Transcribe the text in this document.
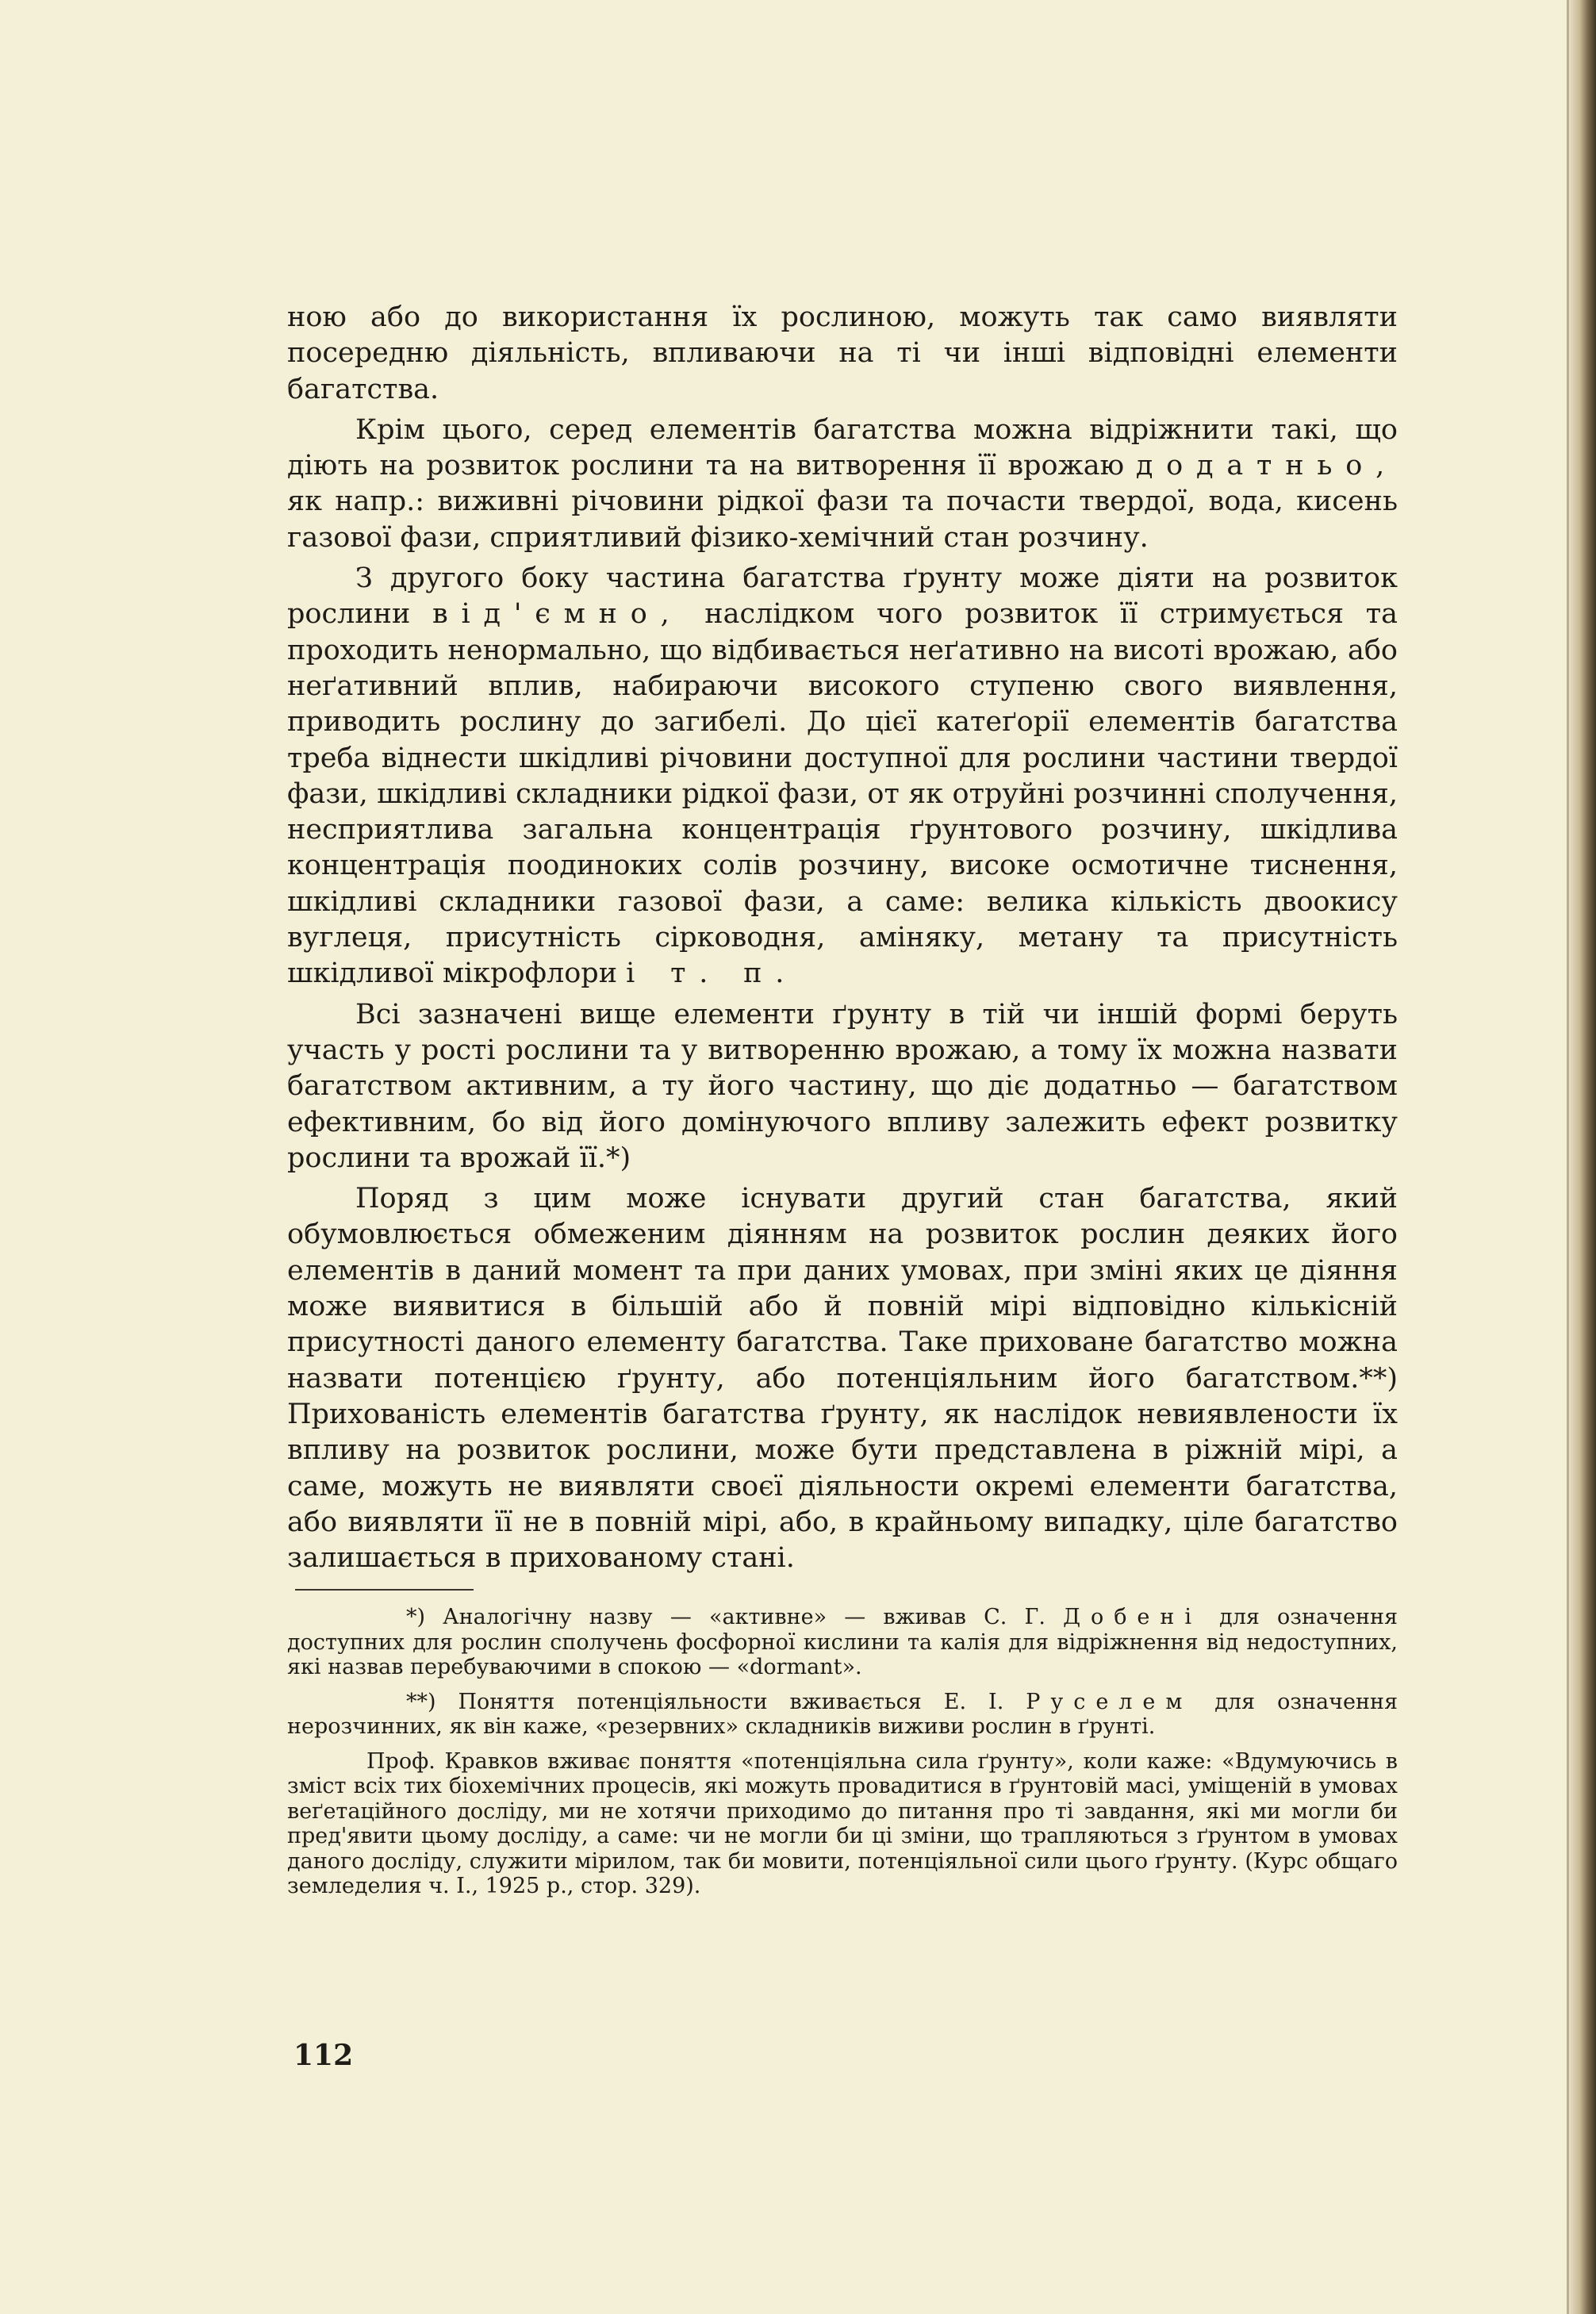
ною або до використання їх рослиною, можуть так само виявляти посередню діяльність, впливаючи на ті чи інші відповідні елементи багатства.

Крім цього, серед елементів багатства можна відріжнити такі, що діють на розвиток рослини та на витворення її врожаю додатньо, як напр.: виживні річовини рідкої фази та почасти твердої, вода, кисень газової фази, сприятливий фізико-хемічний стан розчину.

З другого боку частина багатства ґрунту може діяти на розвиток рослини від'ємно, наслідком чого розвиток її стримується та проходить ненормально, що відбивається неґативно на висоті врожаю, або неґативний вплив, набираючи високого ступеню свого виявлення, приводить рослину до загибелі. До цієї катеґорії елементів багатства треба віднести шкідливі річовини доступної для рослини частини твердої фази, шкідливі складники рідкої фази, от як отруйні розчинні сполучення, несприятлива загальна концентрація ґрунтового розчину, шкідлива концентрація поодиноких солів розчину, високе осмотичне тиснення, шкідливі складники газової фази, а саме: велика кількість двоокису вуглеця, присутність сірководня, аміняку, метану та присутність шкідливої мікрофлори і т. п.

Всі зазначені вище елементи ґрунту в тій чи іншій формі беруть участь у рості рослини та у витворенню врожаю, а тому їх можна назвати багатством активним, а ту його частину, що діє додатньо — багатством ефективним, бо від його домінуючого впливу залежить ефект розвитку рослини та врожай її.*)

Поряд з цим може існувати другий стан багатства, який обумовлюється обмеженим діянням на розвиток рослин деяких його елементів в даний момент та при даних умовах, при зміні яких це діяння може виявитися в більшій або й повній мірі відповідно кількісній присутності даного елементу багатства. Таке приховане багатство можна назвати потенцією ґрунту, або потенціяльним його багатством.**) Прихованість елементів багатства ґрунту, як наслідок невиявлености їх впливу на розвиток рослини, може бути представлена в ріжній мірі, а саме, можуть не виявляти своєї діяльности окремі елементи багатства, або виявляти її не в повній мірі, або, в крайньому випадку, ціле багатство залишається в прихованому стані.

*) Аналогічну назву — «активне» — вживав С. Г. Добені для означення доступних для рослин сполучень фосфорної кислини та калія для відріжнення від недоступних, які назвав перебуваючими в спокою — «dormant».

**) Поняття потенціяльности вживається Е. І. Руселем для означення нерозчинних, як він каже, «резервних» складників виживи рослин в ґрунті.

Проф. Кравков вживає поняття «потенціяльна сила ґрунту», коли каже: «Вдумуючись в зміст всіх тих біохемічних процесів, які можуть провадитися в ґрунтовій масі, уміщеній в умовах веґетаційного досліду, ми не хотячи приходимо до питання про ті завдання, які ми могли би пред'явити цьому досліду, а саме: чи не могли би ці зміни, що трапляються з ґрунтом в умовах даного досліду, служити мірилом, так би мовити, потенціяльної сили цього ґрунту. (Курс общаго земледелия ч. І., 1925 р., стор. 329).

112
